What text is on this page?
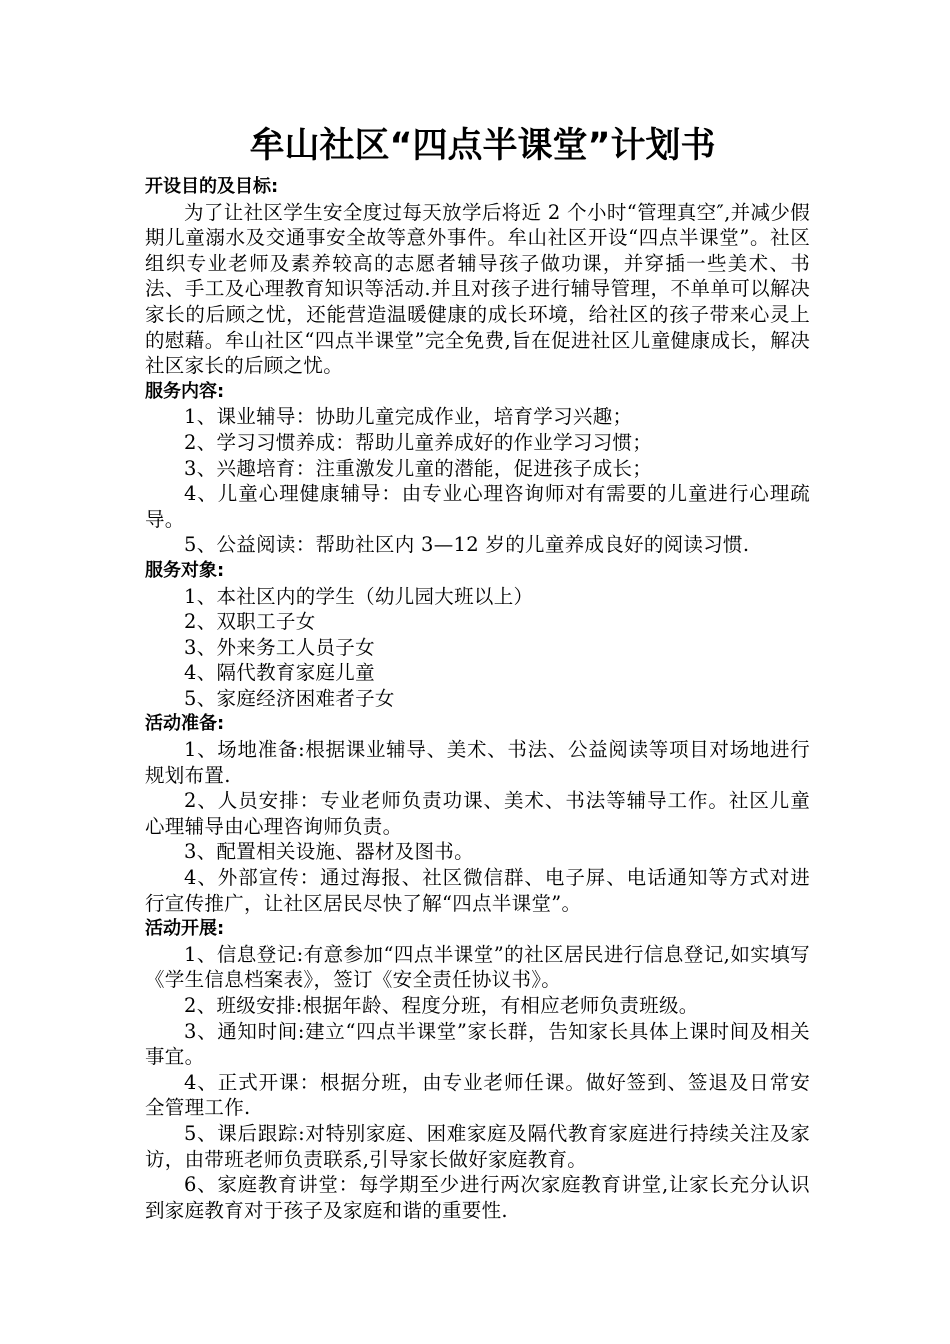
牟山社区“四点半课堂”计划书

开设目的及目标:

为了让社区学生安全度过每天放学后将近 2 个小时“管理真空″,并减少假期儿童溺水及交通事安全故等意外事件。牟山社区开设“四点半课堂”。社区组织专业老师及素养较高的志愿者辅导孩子做功课，并穿插一些美术、书法、手工及心理教育知识等活动.并且对孩子进行辅导管理，不单单可以解决家长的后顾之忧，还能营造温暖健康的成长环境，给社区的孩子带来心灵上的慰藉。牟山社区“四点半课堂”完全免费,旨在促进社区儿童健康成长，解决社区家长的后顾之忧。

服务内容:

1、课业辅导：协助儿童完成作业，培育学习兴趣；

2、学习习惯养成：帮助儿童养成好的作业学习习惯；

3、兴趣培育：注重激发儿童的潜能，促进孩子成长；

4、儿童心理健康辅导：由专业心理咨询师对有需要的儿童进行心理疏导。

5、公益阅读：帮助社区内 3—12 岁的儿童养成良好的阅读习惯.

服务对象:

1、本社区内的学生（幼儿园大班以上）

2、双职工子女

3、外来务工人员子女

4、隔代教育家庭儿童

5、家庭经济困难者子女

活动准备:

1、场地准备:根据课业辅导、美术、书法、公益阅读等项目对场地进行规划布置.

2、人员安排：专业老师负责功课、美术、书法等辅导工作。社区儿童心理辅导由心理咨询师负责。

3、配置相关设施、器材及图书。

4、外部宣传：通过海报、社区微信群、电子屏、电话通知等方式对进行宣传推广，让社区居民尽快了解“四点半课堂”。

活动开展:

1、信息登记:有意参加“四点半课堂”的社区居民进行信息登记,如实填写《学生信息档案表》，签订《安全责任协议书》。

2、班级安排:根据年龄、程度分班，有相应老师负责班级。

3、通知时间:建立“四点半课堂”家长群，告知家长具体上课时间及相关事宜。

4、正式开课：根据分班，由专业老师任课。做好签到、签退及日常安全管理工作.

5、课后跟踪:对特别家庭、困难家庭及隔代教育家庭进行持续关注及家访，由带班老师负责联系,引导家长做好家庭教育。

6、家庭教育讲堂：每学期至少进行两次家庭教育讲堂,让家长充分认识到家庭教育对于孩子及家庭和谐的重要性.
